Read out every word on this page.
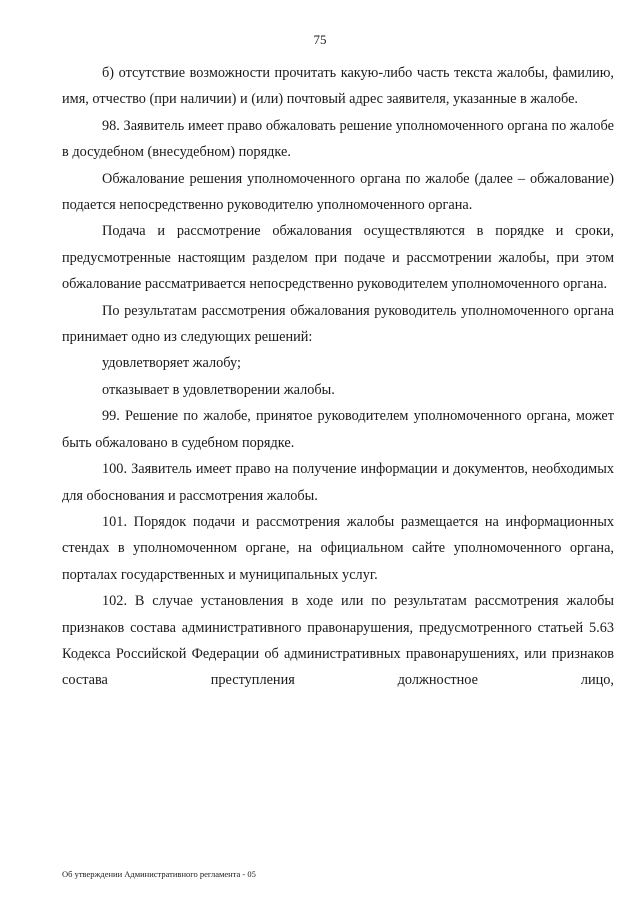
75

б) отсутствие возможности прочитать какую-либо часть текста жалобы, фамилию, имя, отчество (при наличии) и (или) почтовый адрес заявителя, указанные в жалобе.

98. Заявитель имеет право обжаловать решение уполномоченного органа по жалобе в досудебном (внесудебном) порядке.

Обжалование решения уполномоченного органа по жалобе (далее – обжалование) подается непосредственно руководителю уполномоченного органа.

Подача и рассмотрение обжалования осуществляются в порядке и сроки, предусмотренные настоящим разделом при подаче и рассмотрении жалобы, при этом обжалование рассматривается непосредственно руководителем уполномоченного органа.

По результатам рассмотрения обжалования руководитель уполномоченного органа принимает одно из следующих решений:

удовлетворяет жалобу;

отказывает в удовлетворении жалобы.

99. Решение по жалобе, принятое руководителем уполномоченного органа, может быть обжаловано в судебном порядке.

100. Заявитель имеет право на получение информации и документов, необходимых для обоснования и рассмотрения жалобы.

101. Порядок подачи и рассмотрения жалобы размещается на информационных стендах в уполномоченном органе, на официальном сайте уполномоченного органа, порталах государственных и муниципальных услуг.

102. В случае установления в ходе или по результатам рассмотрения жалобы признаков состава административного правонарушения, предусмотренного статьей 5.63 Кодекса Российской Федерации об административных правонарушениях, или признаков состава преступления должностное лицо,

Об утверждении Административного регламента - 05
